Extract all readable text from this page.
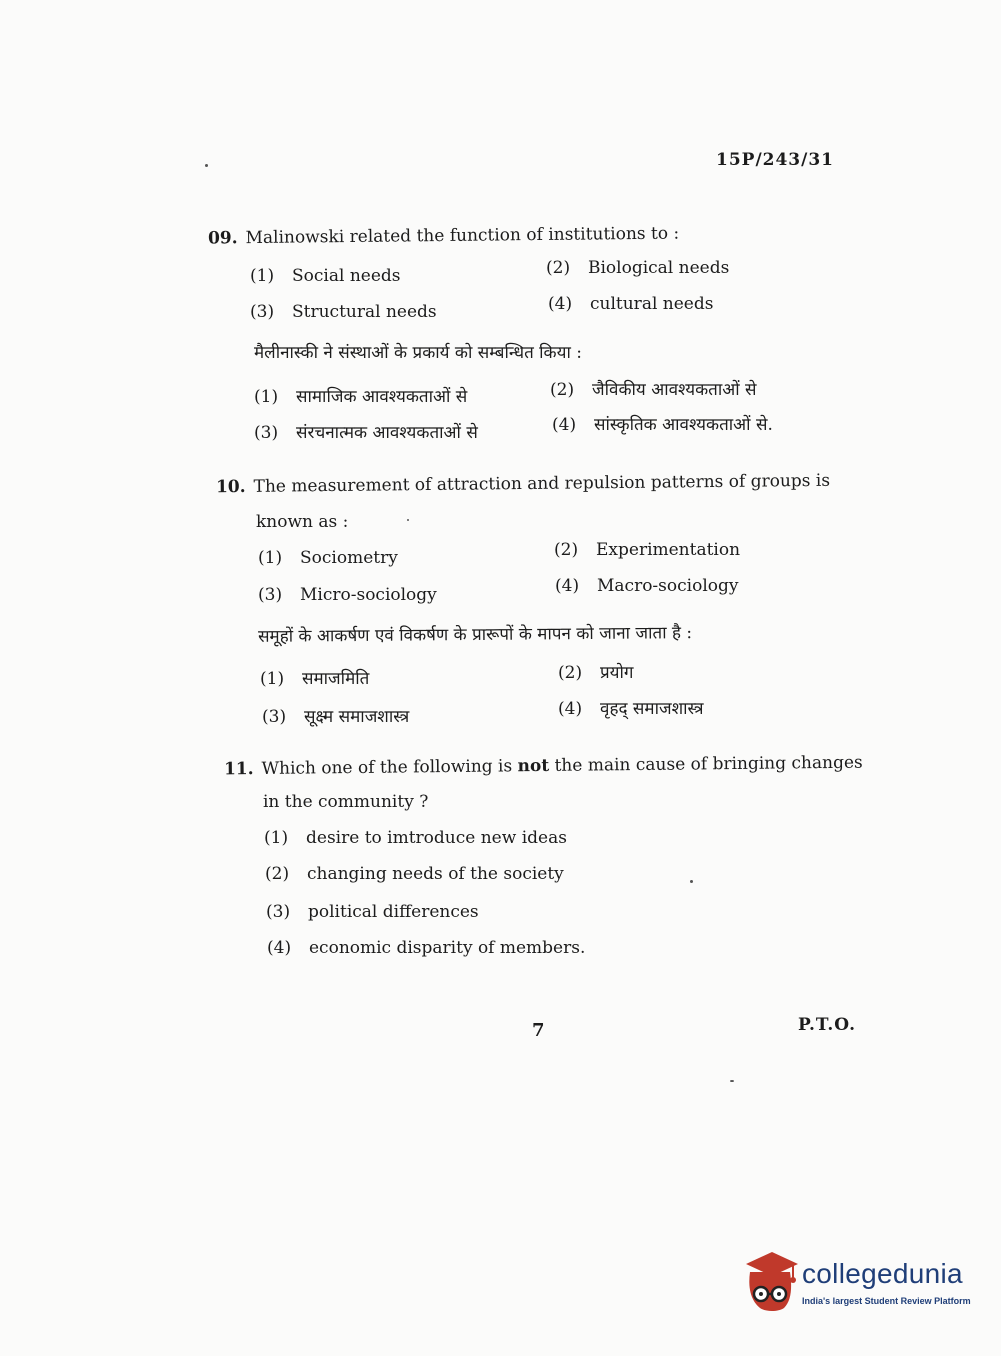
15P/243/31
09. Malinowski related the function of institutions to :
(1) Social needs	(2) Biological needs
(3) Structural needs	(4) cultural needs
मैलीनास्की ने संस्थाओं के प्रकार्य को सम्बन्धित किया :
(1) सामाजिक आवश्यकताओं से	(2) जैविकीय आवश्यकताओं से
(3) संरचनात्मक आवश्यकताओं से	(4) सांस्कृतिक आवश्यकताओं से.
10. The measurement of attraction and repulsion patterns of groups is
known as :
(1) Sociometry	(2) Experimentation
(3) Micro-sociology	(4) Macro-sociology
समूहों के आकर्षण एवं विकर्षण के प्रारूपों के मापन को जाना जाता है :
(1) समाजमिति	(2) प्रयोग
(3) सूक्ष्म समाजशास्त्र	(4) वृहद् समाजशास्त्र
11. Which one of the following is not the main cause of bringing changes
in the community ?
(1) desire to imtroduce new ideas
(2) changing needs of the society
(3) political differences
(4) economic disparity of members.
7	P.T.O.
collegedunia
India's largest Student Review Platform
